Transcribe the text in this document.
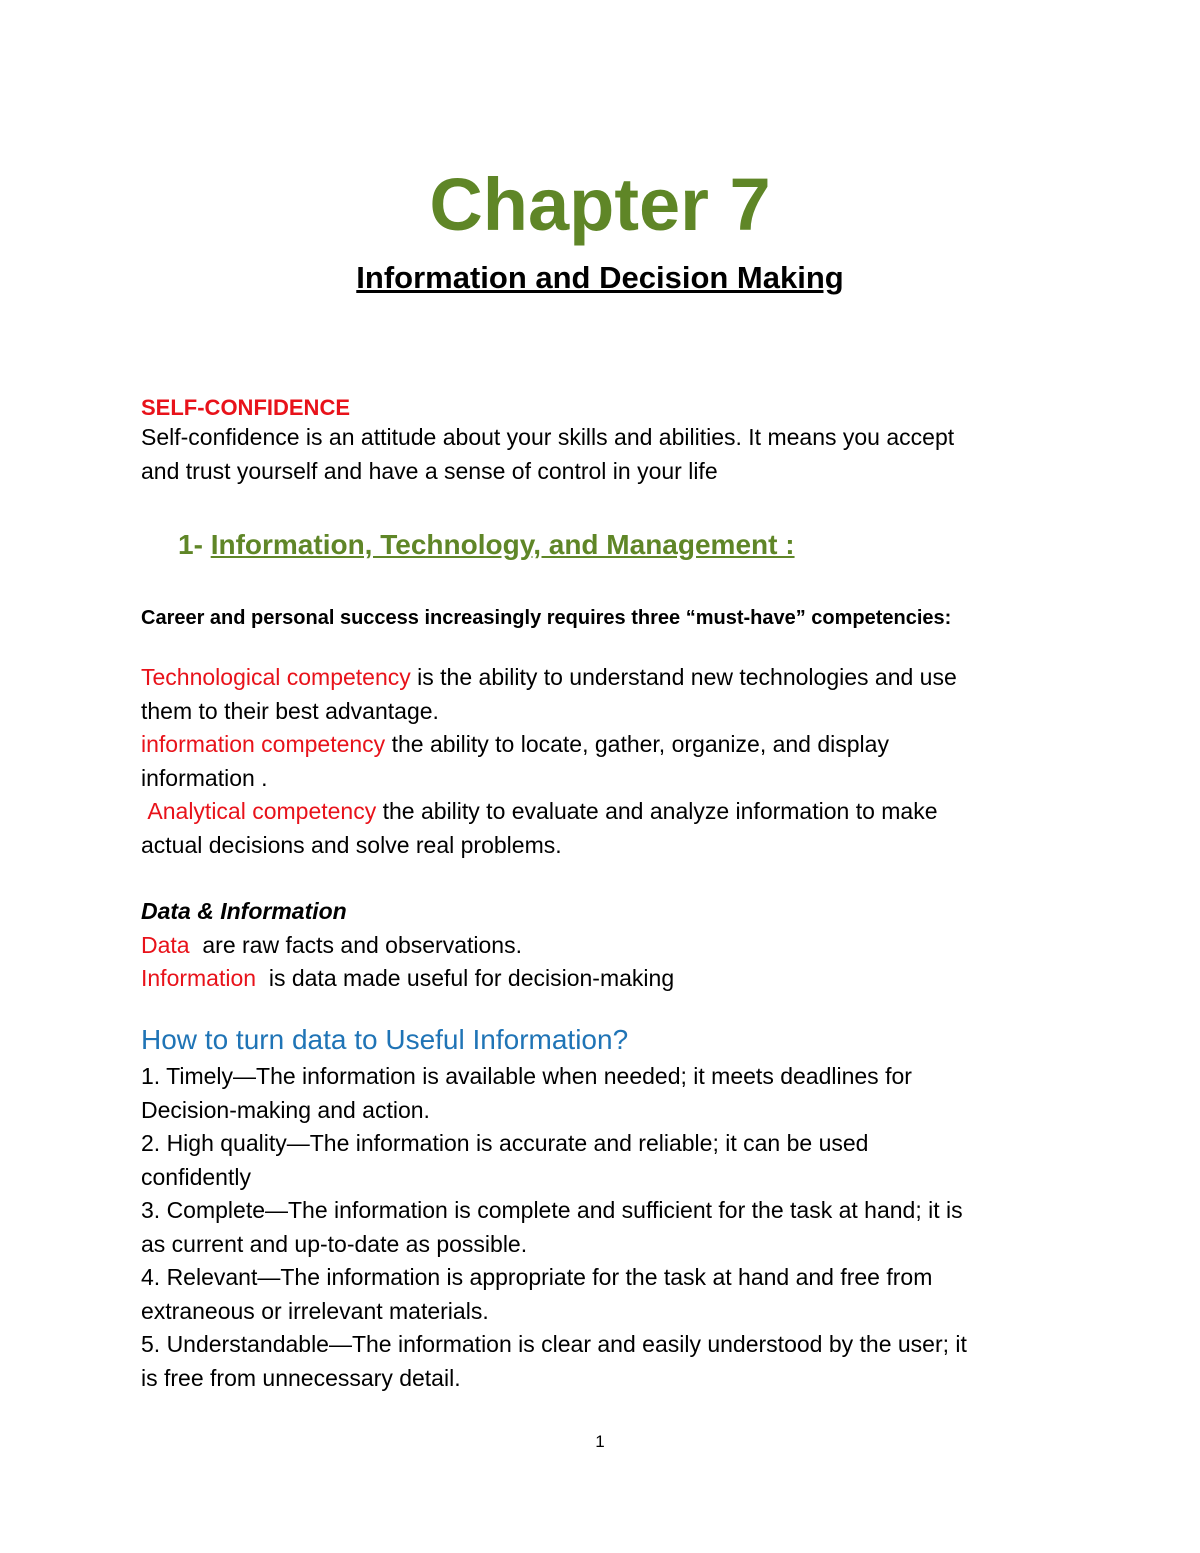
Chapter 7
Information and Decision Making
SELF-CONFIDENCE
Self-confidence is an attitude about your skills and abilities. It means you accept
and trust yourself and have a sense of control in your life
1- Information, Technology, and Management :
Career and personal success increasingly requires three “must-have” competencies:
Technological competency is the ability to understand new technologies and use
them to their best advantage.
information competency the ability to locate, gather, organize, and display
information .
Analytical competency the ability to evaluate and analyze information to make
actual decisions and solve real problems.
Data & Information
Data  are raw facts and observations.
Information  is data made useful for decision-making
How to turn data to Useful Information?
1. Timely—The information is available when needed; it meets deadlines for
Decision-making and action.
2. High quality—The information is accurate and reliable; it can be used
confidently
3. Complete—The information is complete and sufficient for the task at hand; it is
as current and up-to-date as possible.
4. Relevant—The information is appropriate for the task at hand and free from
extraneous or irrelevant materials.
5. Understandable—The information is clear and easily understood by the user; it
is free from unnecessary detail.
1
